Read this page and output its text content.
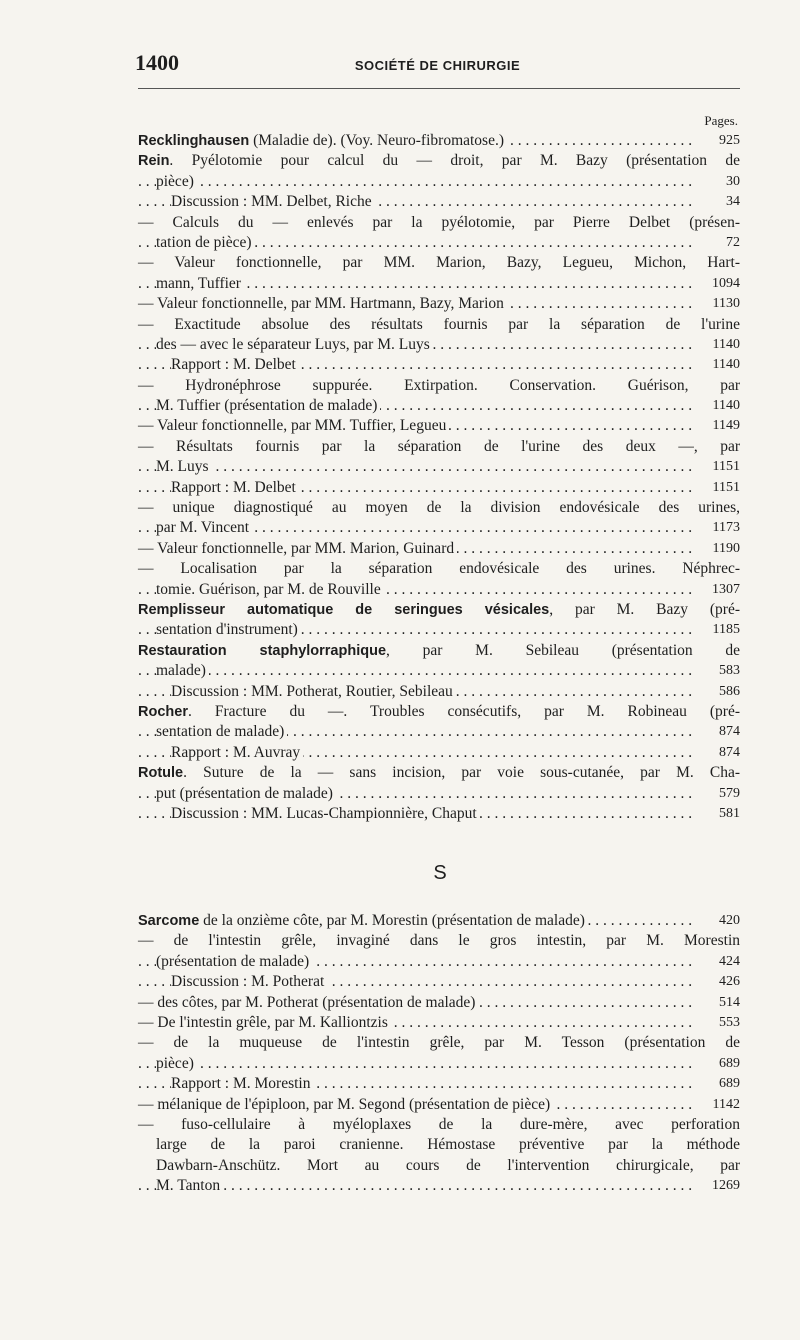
1400	SOCIÉTÉ DE CHIRURGIE
Pages.
Recklinghausen (Maladie de). (Voy. Neuro-fibromatose.) . . .	925
Rein. Pyélotomie pour calcul du — droit, par M. Bazy (présentation de
pièce) . . .	30
Discussion : MM. Delbet, Riche . . .	34
— Calculs du — enlevés par la pyélotomie, par Pierre Delbet (présen-
tation de pièce) . . .	72
— Valeur fonctionnelle, par MM. Marion, Bazy, Legueu, Michon, Hart-
mann, Tuffier . . .	1094
— Valeur fonctionnelle, par MM. Hartmann, Bazy, Marion . . .	1130
— Exactitude absolue des résultats fournis par la séparation de l'urine
des — avec le séparateur Luys, par M. Luys . . .	1140
Rapport : M. Delbet . . .	1140
— Hydronéphrose suppurée. Extirpation. Conservation. Guérison, par
M. Tuffier (présentation de malade) . . .	1140
— Valeur fonctionnelle, par MM. Tuffier, Legueu . . .	1149
— Résultats fournis par la séparation de l'urine des deux —, par
M. Luys . . .	1151
Rapport : M. Delbet . . .	1151
— unique diagnostiqué au moyen de la division endovésicale des urines,
par M. Vincent . . .	1173
— Valeur fonctionnelle, par MM. Marion, Guinard . . .	1190
— Localisation par la séparation endovésicale des urines. Néphrec-
tomie. Guérison, par M. de Rouville . . .	1307
Remplisseur automatique de seringues vésicales, par M. Bazy (pré-
sentation d'instrument) . . .	1185
Restauration staphylorraphique, par M. Sebileau (présentation de
malade) . . .	583
Discussion : MM. Potherat, Routier, Sebileau . . .	586
Rocher. Fracture du —. Troubles consécutifs, par M. Robineau (pré-
sentation de malade) . . .	874
Rapport : M. Auvray . . .	874
Rotule. Suture de la — sans incision, par voie sous-cutanée, par M. Cha-
put (présentation de malade) . . .	579
Discussion : MM. Lucas-Championnière, Chaput . . .	581
S
Sarcome de la onzième côte, par M. Morestin (présentation de malade) . . .	420
— de l'intestin grêle, invaginé dans le gros intestin, par M. Morestin
(présentation de malade) . . .	424
Discussion : M. Potherat . . .	426
— des côtes, par M. Potherat (présentation de malade) . . .	514
— De l'intestin grêle, par M. Kalliontzis . . .	553
— de la muqueuse de l'intestin grêle, par M. Tesson (présentation de
pièce) . . .	689
Rapport : M. Morestin . . .	689
— mélanique de l'épiploon, par M. Segond (présentation de pièce) . . .	1142
— fuso-cellulaire à myéloplaxes de la dure-mère, avec perforation
large de la paroi cranienne. Hémostase préventive par la méthode
Dawbarn-Anschütz. Mort au cours de l'intervention chirurgicale, par
M. Tanton . . .	1269
